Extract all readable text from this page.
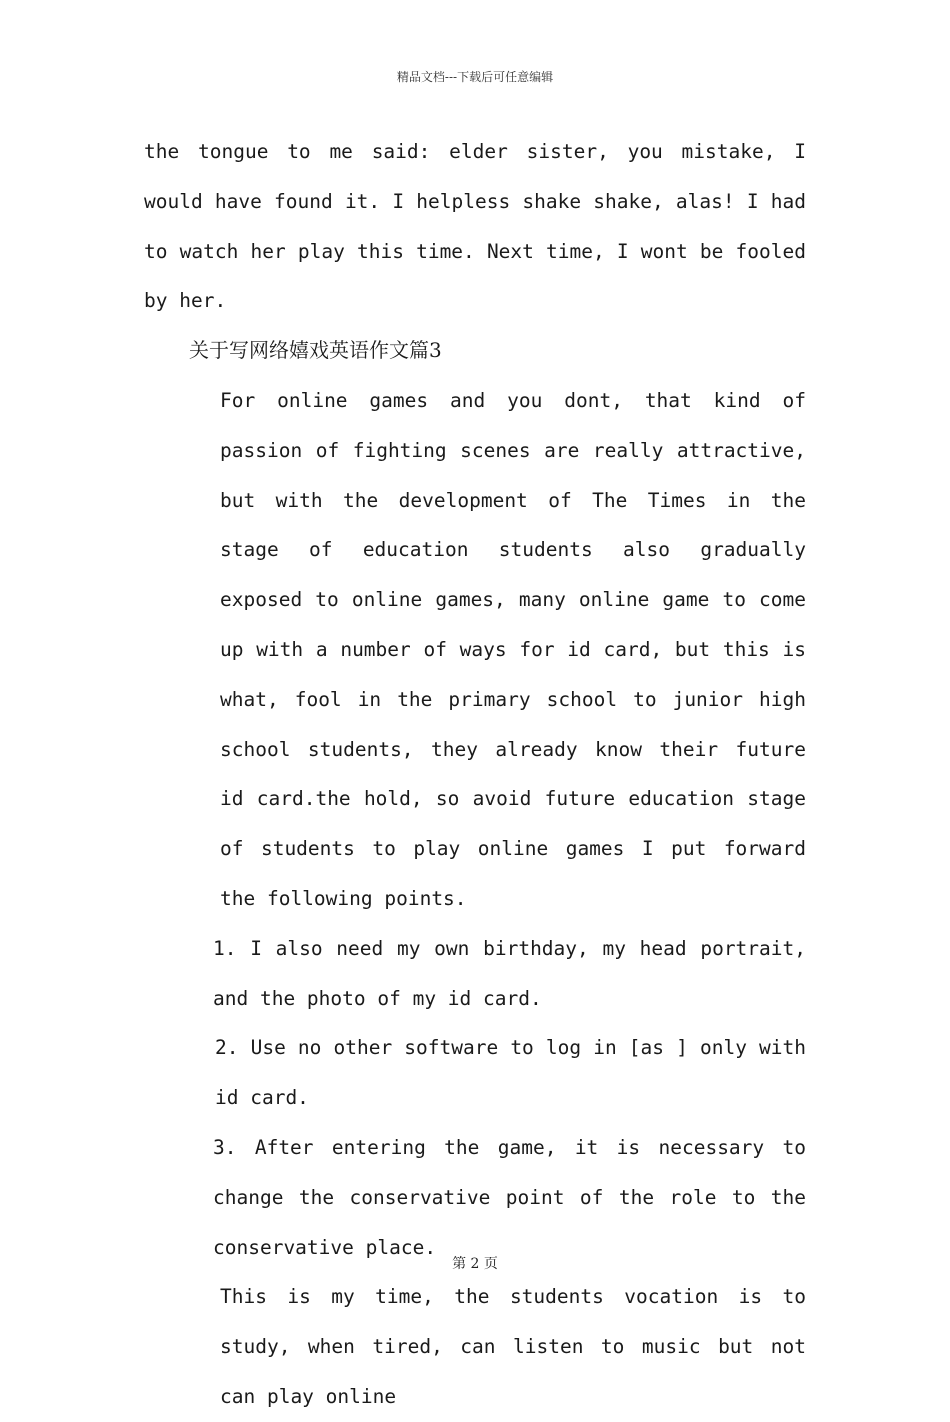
精品文档---下载后可任意编辑

the tongue to me said: elder sister, you mistake, I would have found it. I helpless shake shake, alas! I had to watch her play this time. Next time, I wont be fooled by her.

关于写网络嬉戏英语作文篇3

For online games and you dont, that kind of passion of fighting scenes are really attractive, but with the development of The Times in the stage of education students also gradually exposed to online games, many online game to come up with a number of ways for id card, but this is what, fool in the primary school to junior high school students, they already know their future id card.the hold, so avoid future education stage of students to play online games I put forward the following points.

1. I also need my own birthday, my head portrait, and the photo of my id card.

2. Use no other software to log in [as ] only with id card.

3. After entering the game, it is necessary to change the conservative point of the role to the conservative place.

This is my time, the students vocation is to study, when tired, can listen to music but not can play online

第 2 页
